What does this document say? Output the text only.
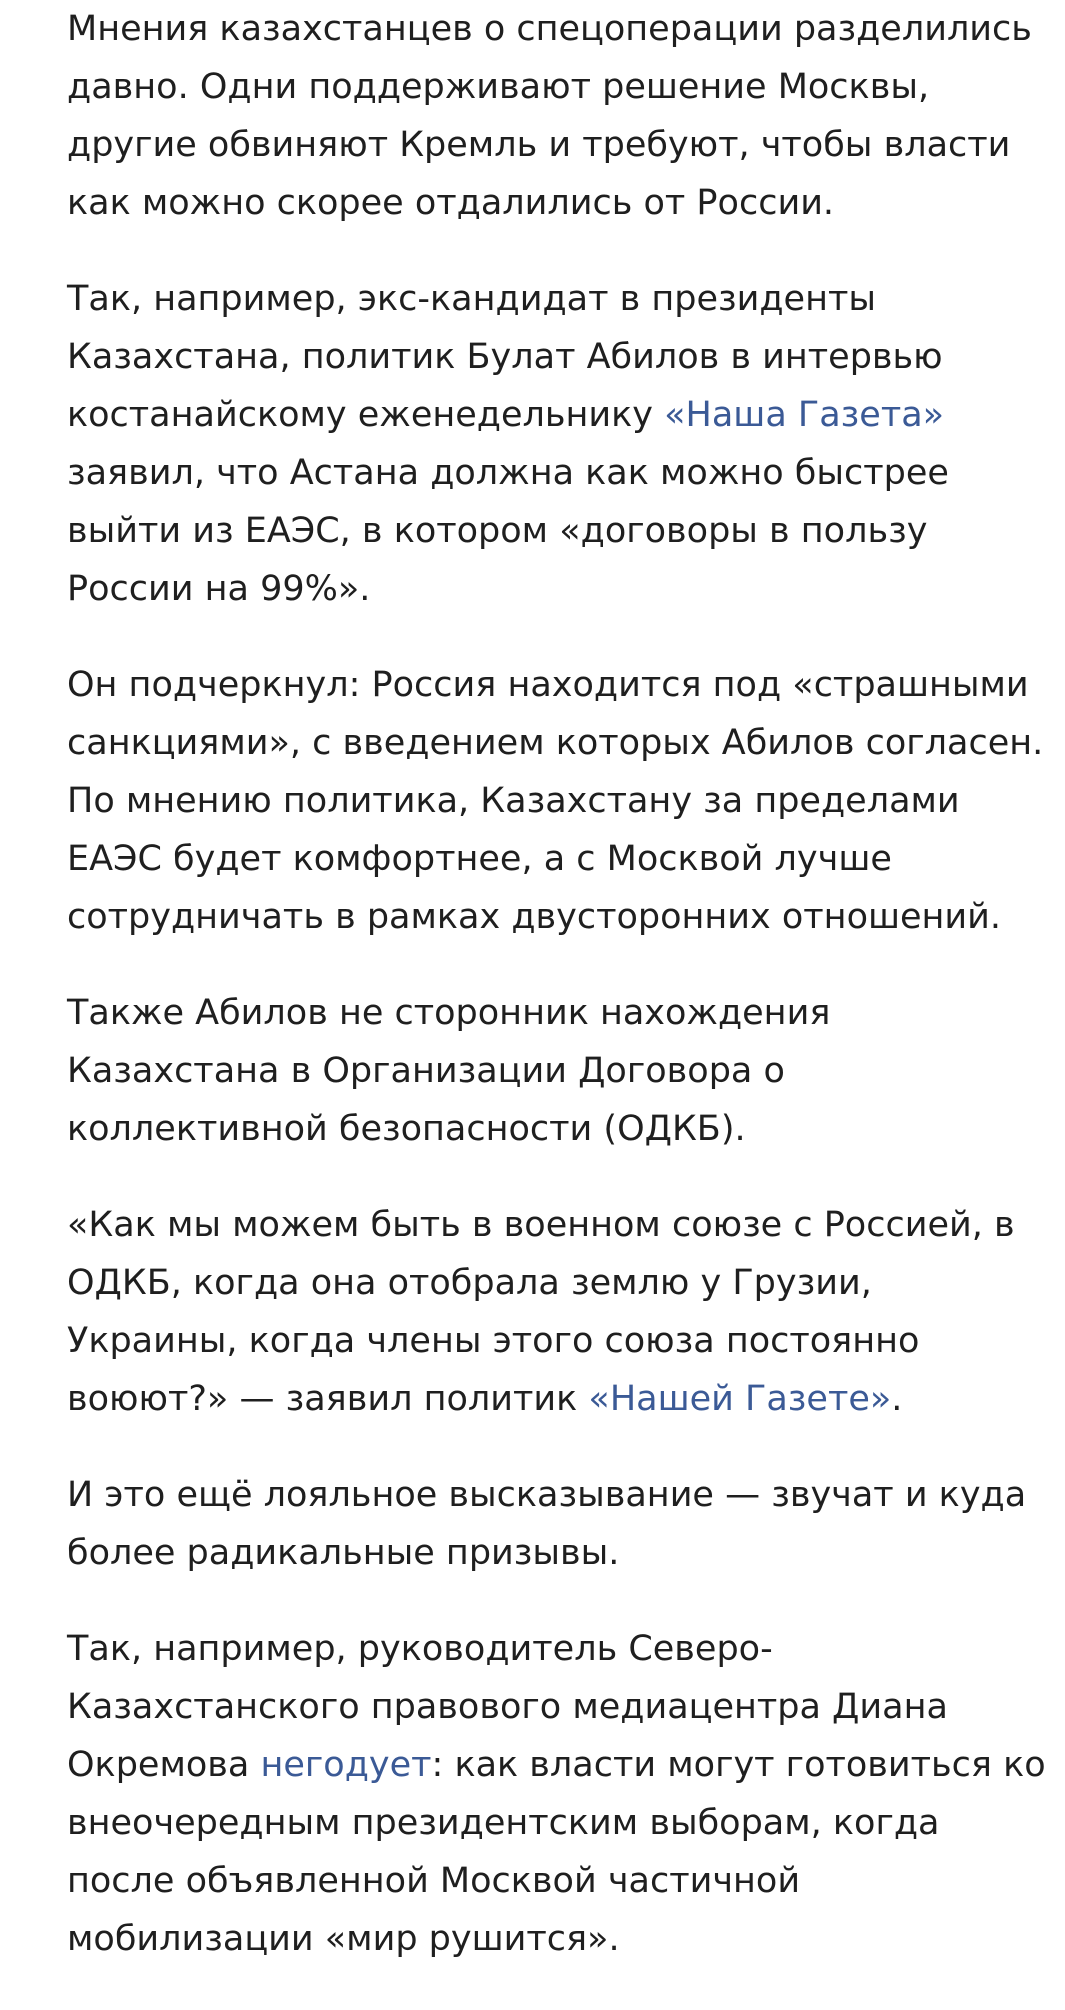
Мнения казахстанцев о спецоперации разделились давно. Одни поддерживают решение Москвы, другие обвиняют Кремль и требуют, чтобы власти как можно скорее отдалились от России.

Так, например, экс-кандидат в президенты Казахстана, политик Булат Абилов в интервью костанайскому еженедельнику «Наша Газета» заявил, что Астана должна как можно быстрее выйти из ЕАЭС, в котором «договоры в пользу России на 99%».

Он подчеркнул: Россия находится под «страшными санкциями», с введением которых Абилов согласен. По мнению политика, Казахстану за пределами ЕАЭС будет комфортнее, а с Москвой лучше сотрудничать в рамках двусторонних отношений.

Также Абилов не сторонник нахождения Казахстана в Организации Договора о коллективной безопасности (ОДКБ).

«Как мы можем быть в военном союзе с Россией, в ОДКБ, когда она отобрала землю у Грузии, Украины, когда члены этого союза постоянно воюют?» — заявил политик «Нашей Газете».

И это ещё лояльное высказывание — звучат и куда более радикальные призывы.

Так, например, руководитель Северо-Казахстанского правового медиацентра Диана Окремова негодует: как власти могут готовиться ко внеочередным президентским выборам, когда после объявленной Москвой частичной мобилизации «мир рушится».
